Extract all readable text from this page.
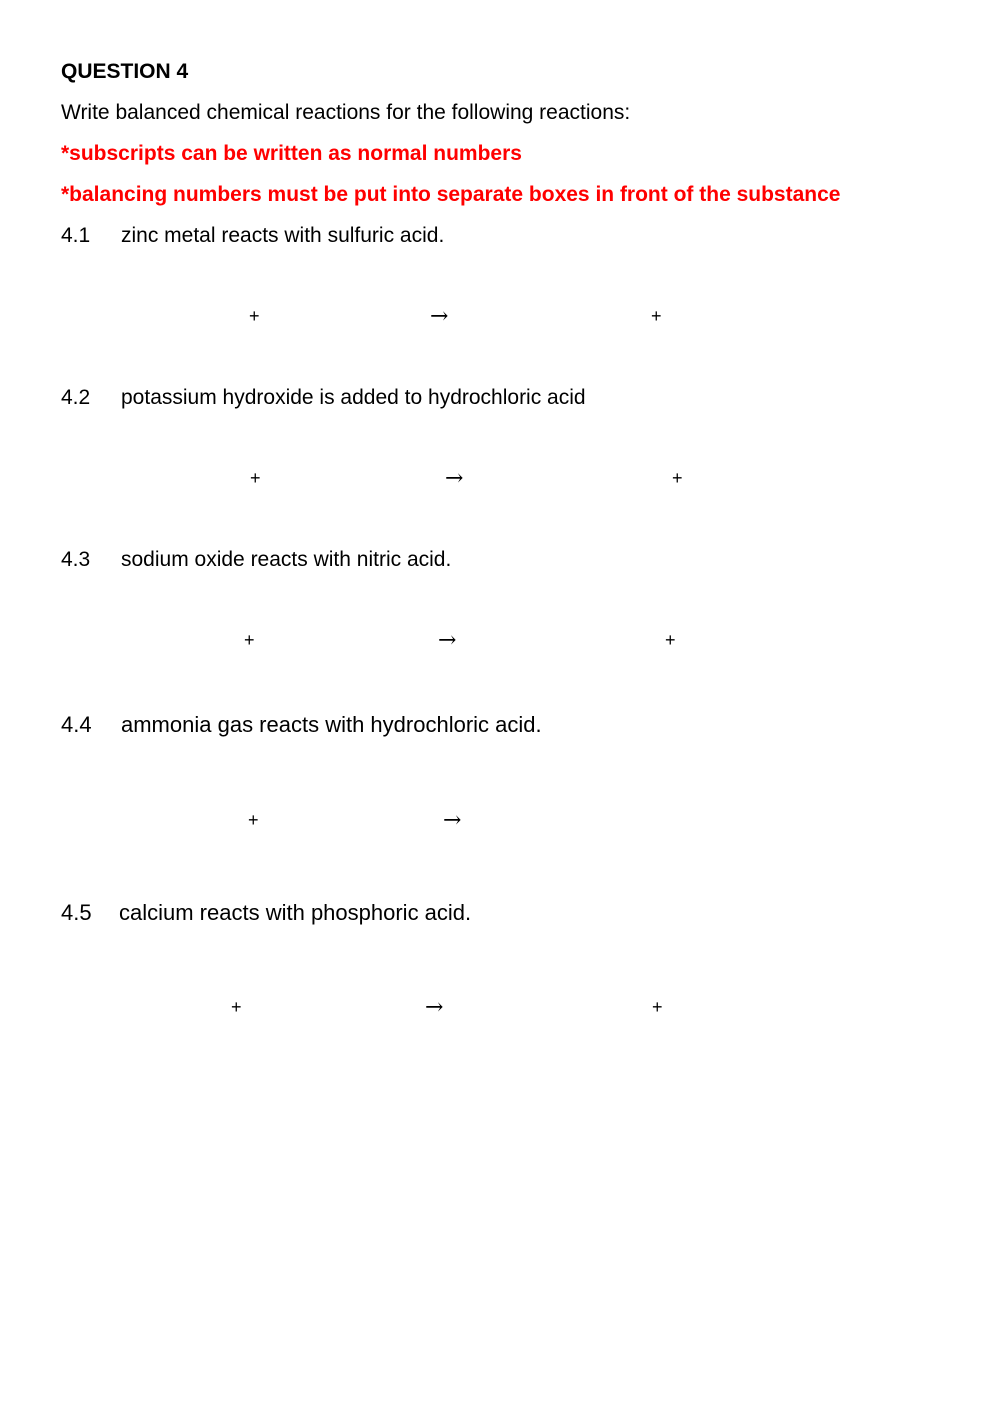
QUESTION 4
Write balanced chemical reactions for the following reactions:
*subscripts can be written as normal numbers
*balancing numbers must be put into separate boxes in front of the substance
4.1 zinc metal reacts with sulfuric acid.
+	→	+
4.2 potassium hydroxide is added to hydrochloric acid
+	→	+
4.3 sodium oxide reacts with nitric acid.
+	→	+
4.4 ammonia gas reacts with hydrochloric acid.
+	→
4.5 calcium reacts with phosphoric acid.
+	→	+
